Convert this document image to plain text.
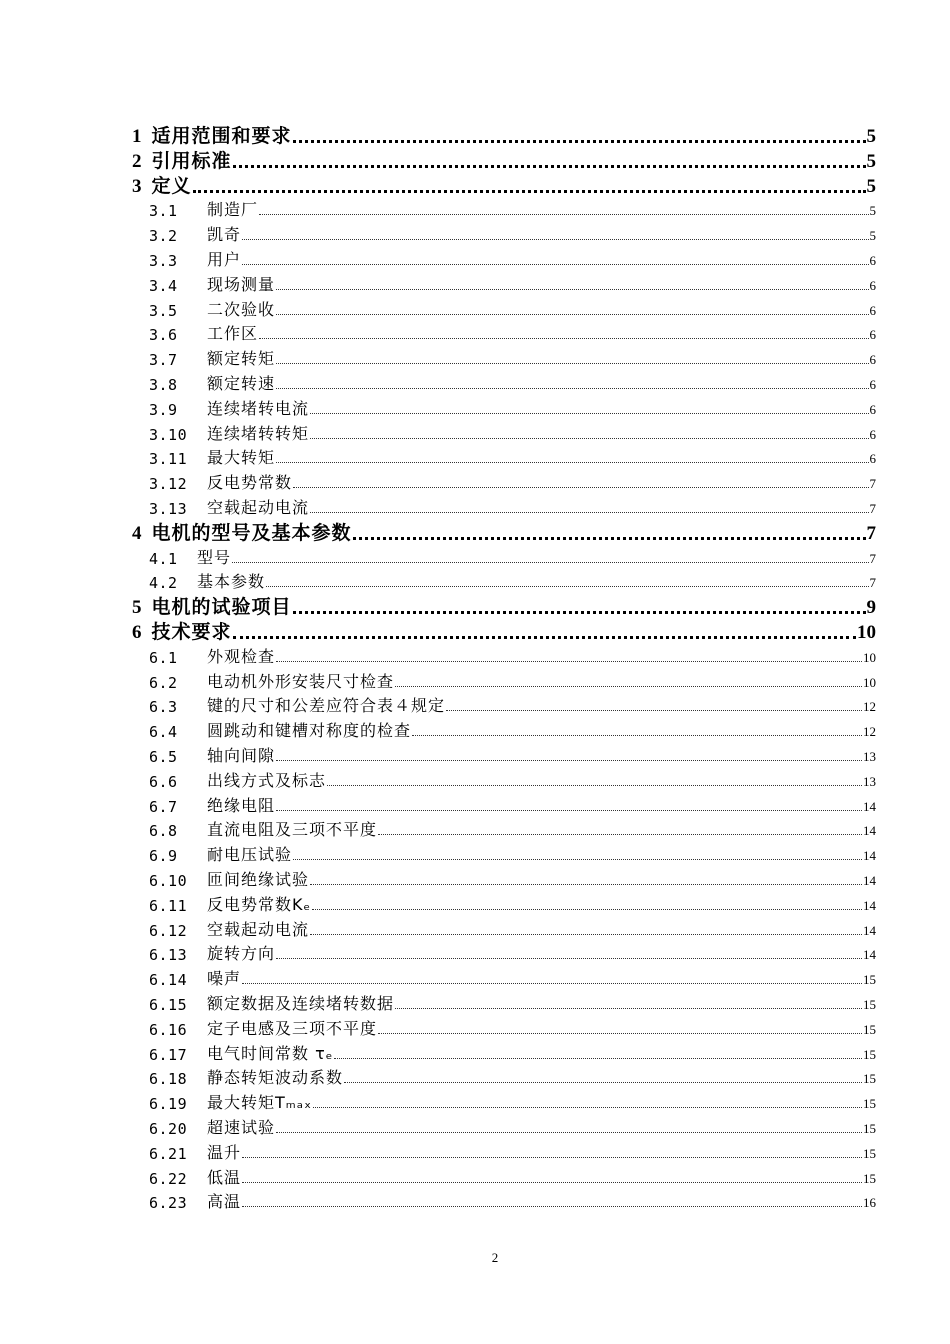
1 适用范围和要求	5
2 引用标准	5
3 定义	5
3.1	制造厂	5
3.2	凯奇	5
3.3	用户	6
3.4	现场测量	6
3.5	二次验收	6
3.6	工作区	6
3.7	额定转矩	6
3.8	额定转速	6
3.9	连续堵转电流	6
3.10	连续堵转转矩	6
3.11	最大转矩	6
3.12	反电势常数	7
3.13	空载起动电流	7
4 电机的型号及基本参数	7
4.1	型号	7
4.2	基本参数	7
5 电机的试验项目	9
6 技术要求	10
6.1	外观检查	10
6.2	电动机外形安装尺寸检查	10
6.3	键的尺寸和公差应符合表４规定	12
6.4	圆跳动和键槽对称度的检查	12
6.5	轴向间隙	13
6.6	出线方式及标志	13
6.7	绝缘电阻	14
6.8	直流电阻及三项不平度	14
6.9	耐电压试验	14
6.10	匝间绝缘试验	14
6.11	反电势常数Kₑ	14
6.12	空载起动电流	14
6.13	旋转方向	14
6.14	噪声	15
6.15	额定数据及连续堵转数据	15
6.16	定子电感及三项不平度	15
6.17	电气时间常数 τₑ	15
6.18	静态转矩波动系数	15
6.19	最大转矩Tₘₐₓ	15
6.20	超速试验	15
6.21	温升	15
6.22	低温	15
6.23	高温	16
2
